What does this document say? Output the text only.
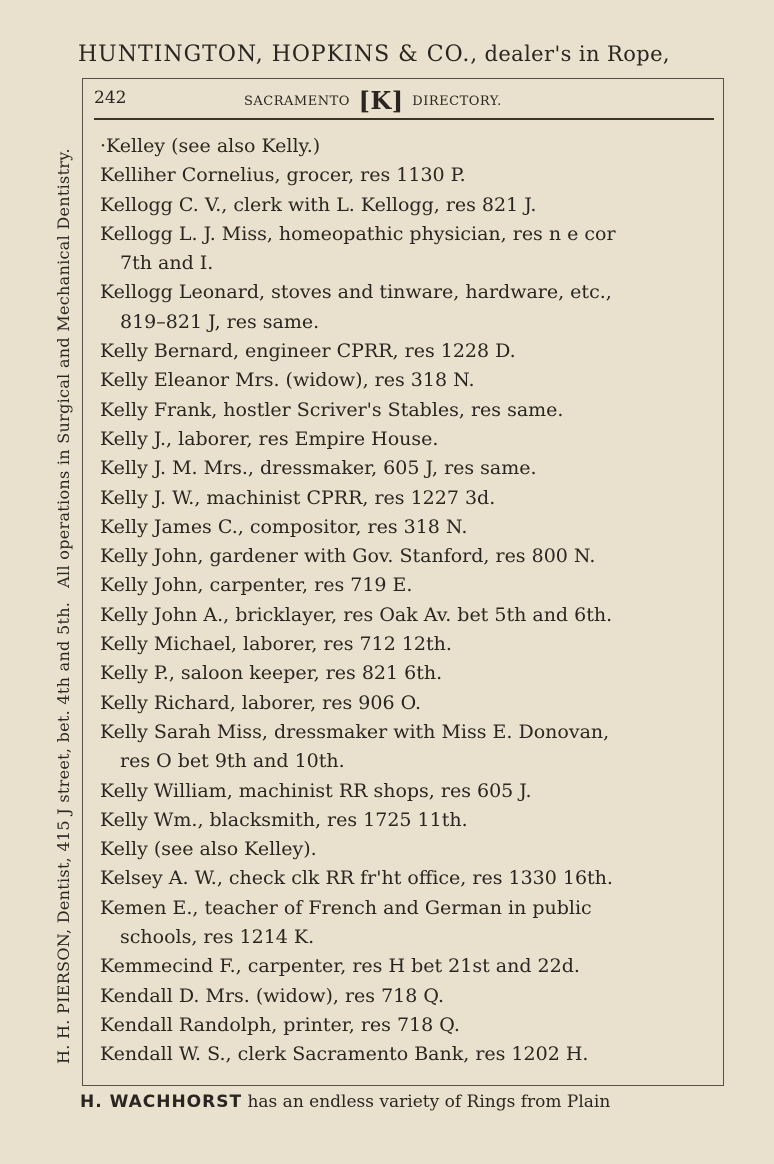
HUNTINGTON, HOPKINS & CO., dealer's in Rope,
H. H. PIERSON, Dentist, 415 J street, bet. 4th and 5th.All operations in Surgical and Mechanical Dentistry.
242	SACRAMENTO [K] DIRECTORY.
·Kelley (see also Kelly.)
Kelliher Cornelius, grocer, res 1130 P.
Kellogg C. V., clerk with L. Kellogg, res 821 J.
Kellogg L. J. Miss, homeopathic physician, res n e cor
7th and I.
Kellogg Leonard, stoves and tinware, hardware, etc.,
819–821 J, res same.
Kelly Bernard, engineer CPRR, res 1228 D.
Kelly Eleanor Mrs. (widow), res 318 N.
Kelly Frank, hostler Scriver's Stables, res same.
Kelly J., laborer, res Empire House.
Kelly J. M. Mrs., dressmaker, 605 J, res same.
Kelly J. W., machinist CPRR, res 1227 3d.
Kelly James C., compositor, res 318 N.
Kelly John, gardener with Gov. Stanford, res 800 N.
Kelly John, carpenter, res 719 E.
Kelly John A., bricklayer, res Oak Av. bet 5th and 6th.
Kelly Michael, laborer, res 712 12th.
Kelly P., saloon keeper, res 821 6th.
Kelly Richard, laborer, res 906 O.
Kelly Sarah Miss, dressmaker with Miss E. Donovan,
res O bet 9th and 10th.
Kelly William, machinist RR shops, res 605 J.
Kelly Wm., blacksmith, res 1725 11th.
Kelly (see also Kelley).
Kelsey A. W., check clk RR fr'ht office, res 1330 16th.
Kemen E., teacher of French and German in public
schools, res 1214 K.
Kemmecind F., carpenter, res H bet 21st and 22d.
Kendall D. Mrs. (widow), res 718 Q.
Kendall Randolph, printer, res 718 Q.
Kendall W. S., clerk Sacramento Bank, res 1202 H.
H. WACHHORST has an endless variety of Rings from Plain
